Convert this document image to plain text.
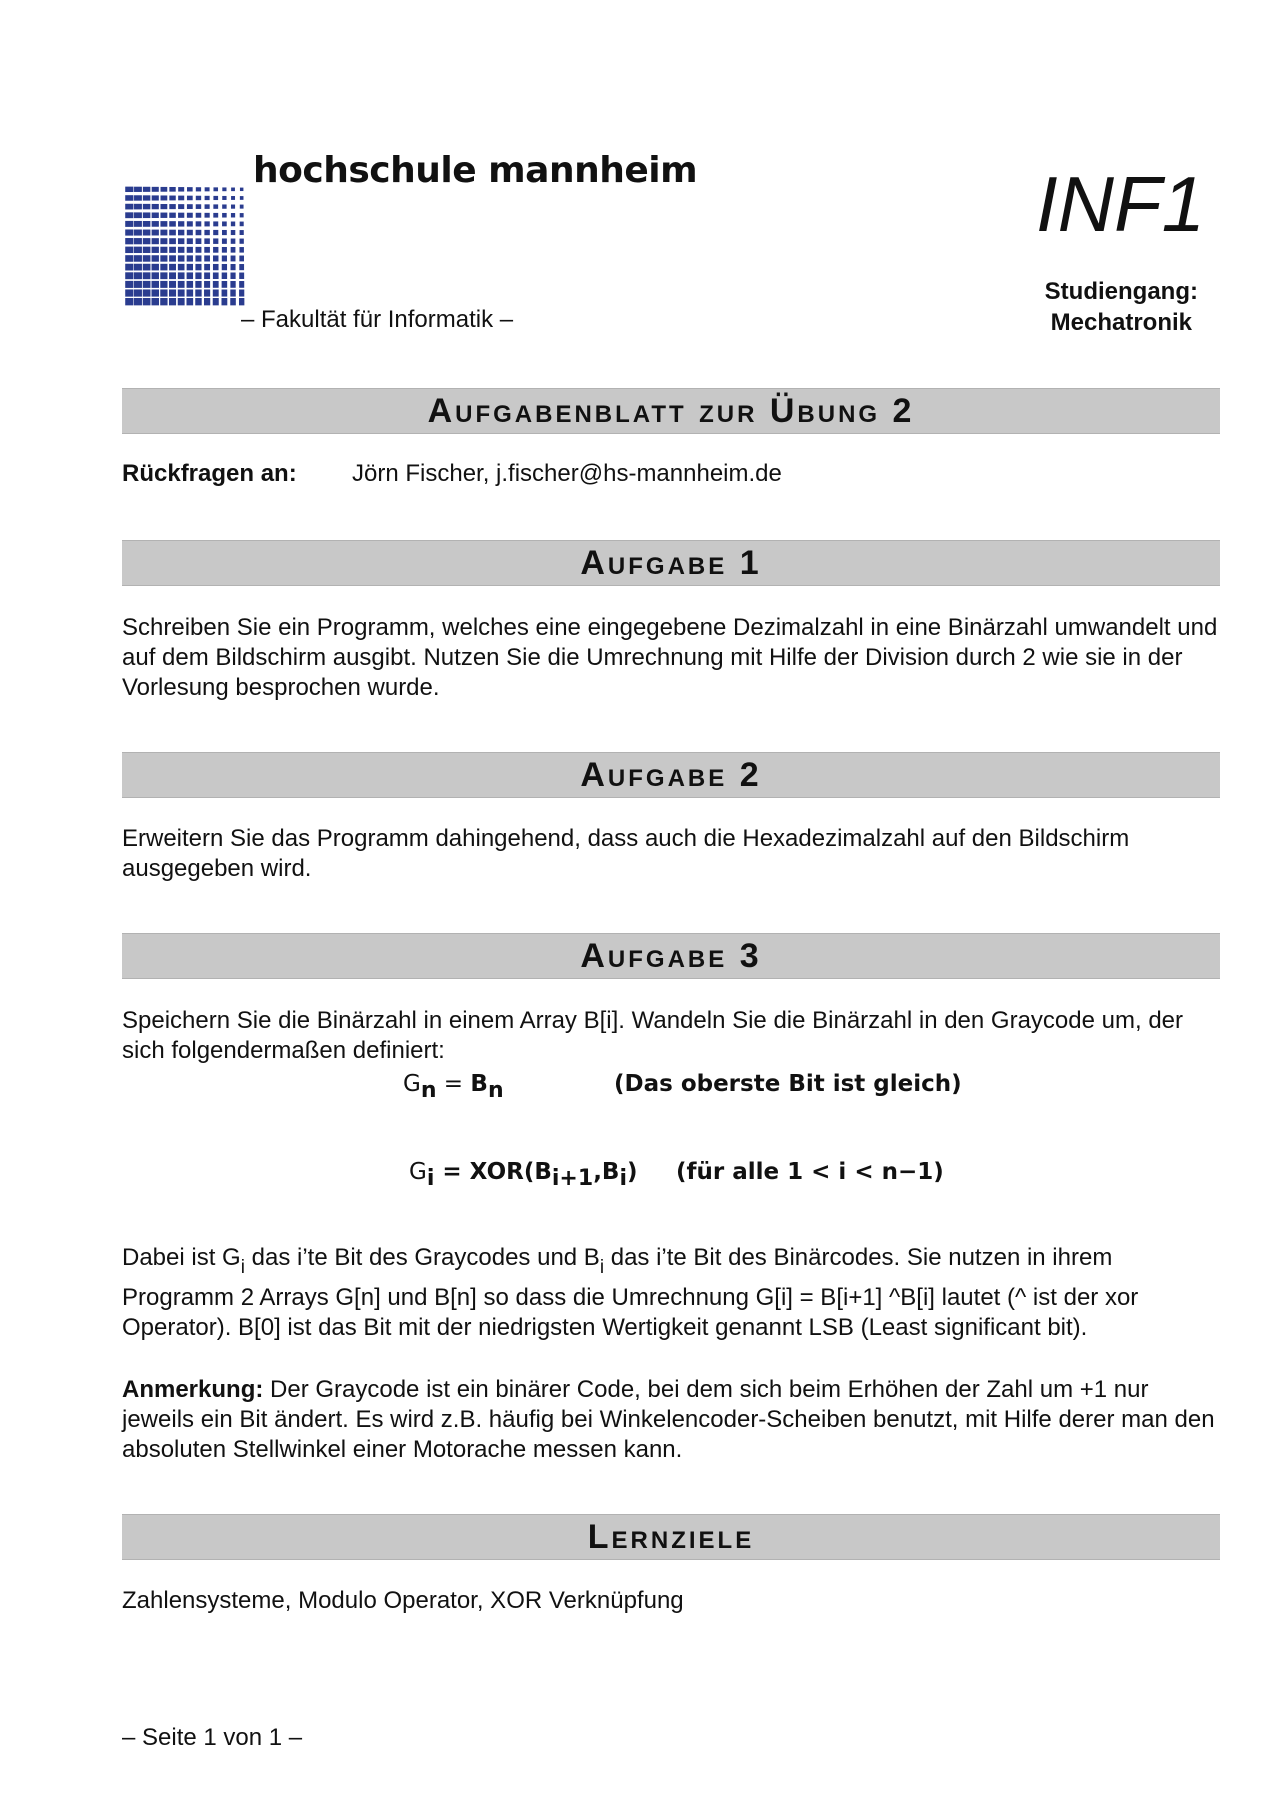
hochschule mannheim
– Fakultät für Informatik –
INF1
Studiengang:
Mechatronik
Aufgabenblatt zur Übung 2
Rückfragen an: Jörn Fischer, j.fischer@hs-mannheim.de
Aufgabe 1
Schreiben Sie ein Programm, welches eine eingegebene Dezimalzahl in eine Binärzahl umwandelt und auf dem Bildschirm ausgibt. Nutzen Sie die Umrechnung mit Hilfe der Division durch 2 wie sie in der Vorlesung besprochen wurde.
Aufgabe 2
Erweitern Sie das Programm dahingehend, dass auch die Hexadezimalzahl auf den Bildschirm ausgegeben wird.
Aufgabe 3
Speichern Sie die Binärzahl in einem Array B[i]. Wandeln Sie die Binärzahl in den Graycode um, der sich folgendermaßen definiert:
$G_n = B_n$	(Das oberste Bit ist gleich)
$G_i = XOR(B_{i+1},B_i)$ (für alle 1 < i < n−1)
Dabei ist $G_i$ das i’te Bit des Graycodes und $B_i$ das i’te Bit des Binärcodes. Sie nutzen in ihrem
Programm 2 Arrays G[n] und B[n] so dass die Umrechnung G[i] = B[i+1] ^B[i] lautet (^ ist der xor Operator). B[0] ist das Bit mit der niedrigsten Wertigkeit genannt LSB (Least significant bit).
Anmerkung: Der Graycode ist ein binärer Code, bei dem sich beim Erhöhen der Zahl um +1 nur jeweils ein Bit ändert. Es wird z.B. häufig bei Winkelencoder-Scheiben benutzt, mit Hilfe derer man den absoluten Stellwinkel einer Motorache messen kann.
Lernziele
Zahlensysteme, Modulo Operator, XOR Verknüpfung
– Seite 1 von 1 –
